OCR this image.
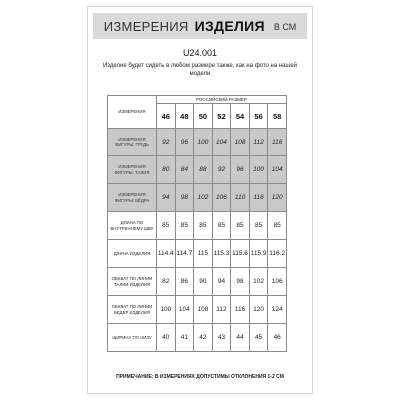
ИЗМЕРЕНИЯ ИЗДЕЛИЯ В СМ
U24.001
Изделие будет сидеть в любом размере также, как на фото на нашей модели
ИЗМЕРЕНИЯ	РОССИЙСКИЙ РАЗМЕР						
	46	48	50	52	54	56	58
ИЗМЕРЕНИЯ ФИГУРЫ: ГРУДЬ	92	96	100	104	108	112	116
ИЗМЕРЕНИЯ ФИГУРЫ: ТАЛИЯ	80	84	88	92	96	100	104
ИЗМЕРЕНИЯ ФИГУРЫ: БЁДРА	94	98	102	106	110	116	120
ДЛИНА ПО ВНУТРЕННЕМУ ШВУ	85	85	85	85	85	85	85
ДЛИНА ИЗДЕЛИЯ	114.4	114.7	115	115.3	115.6	115.9	116.2
ОБХВАТ ПО ЛИНИИ ТАЛИИ ИЗДЕЛИЯ	82	86	90	94	98	102	106
ОБХВАТ ПО ЛИНИИ БЕДЕР ИЗДЕЛИЯ	100	104	108	112	116	120	124
ШИРИНА ПО НИЗУ	40	41	42	43	44	45	46
ПРИМЕЧАНИЕ: В ИЗМЕРЕНИЯХ ДОПУСТИМЫ ОТКЛОНЕНИЯ 1-2 СМ
